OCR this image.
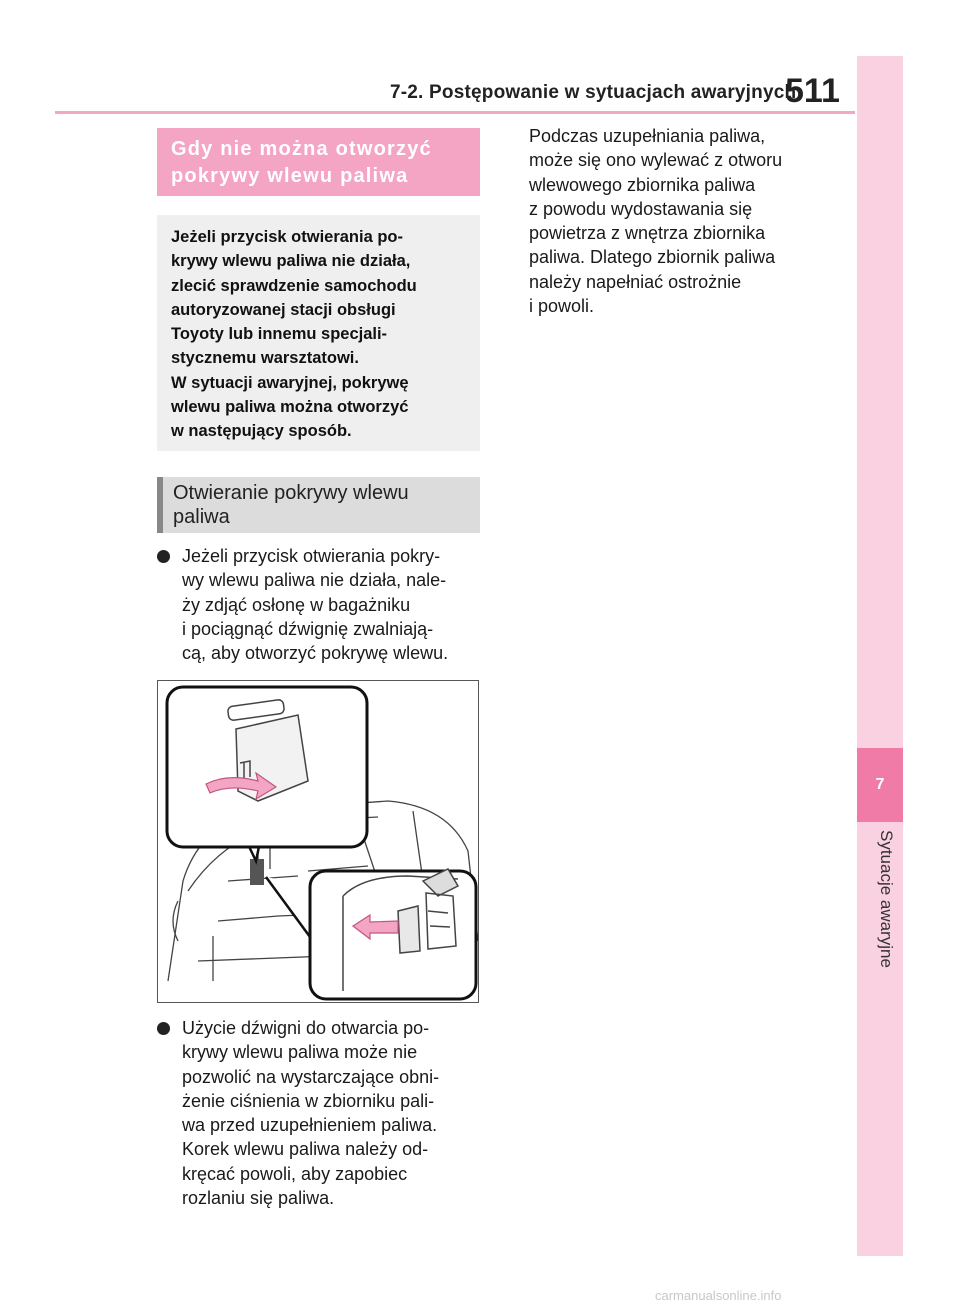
7-2. Postępowanie w sytuacjach awaryjnych
511
7
Sytuacje awaryjne
Gdy nie można otworzyć
pokrywy wlewu paliwa
Jeżeli przycisk otwierania po-
krywy wlewu paliwa nie działa,
zlecić sprawdzenie samochodu
autoryzowanej stacji obsługi
Toyoty lub innemu specjali-
stycznemu warsztatowi.
W sytuacji awaryjnej, pokrywę
wlewu paliwa można otworzyć
w następujący sposób.
Otwieranie pokrywy wlewu
paliwa
Jeżeli przycisk otwierania pokry-
wy wlewu paliwa nie działa, nale-
ży zdjąć osłonę w bagażniku
i pociągnąć dźwignię zwalniają-
cą, aby otworzyć pokrywę wlewu.
Użycie dźwigni do otwarcia po-
krywy wlewu paliwa może nie
pozwolić na wystarczające obni-
żenie ciśnienia w zbiorniku pali-
wa przed uzupełnieniem paliwa.
Korek wlewu paliwa należy od-
kręcać powoli, aby zapobiec
rozlaniu się paliwa.
Podczas uzupełniania paliwa,
może się ono wylewać z otworu
wlewowego zbiornika paliwa
z powodu wydostawania się
powietrza z wnętrza zbiornika
paliwa. Dlatego zbiornik paliwa
należy napełniać ostrożnie
i powoli.
carmanualsonline.info
